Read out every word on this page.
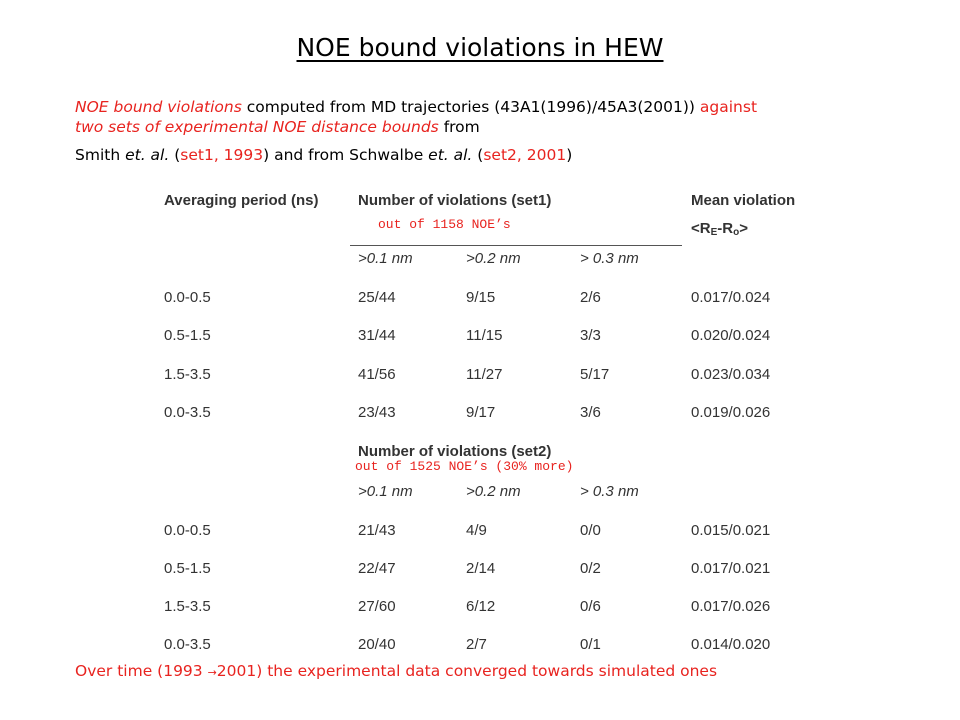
NOE bound violations in HEW
NOE bound violations computed from MD trajectories (43A1(1996)/45A3(2001)) against
two sets of experimental NOE distance bounds from
Smith et. al. (set1, 1993) and from Schwalbe et. al. (set2, 2001)
Averaging period (ns)	Number of violations (set1)	Mean violation
<RE-Ro>
out of 1158 NOE’s
>0.1 nm	>0.2 nm	> 0.3 nm
0.0-0.5	25/44	9/15	2/6	0.017/0.024
0.5-1.5	31/44	11/15	3/3	0.020/0.024
1.5-3.5	41/56	11/27	5/17	0.023/0.034
0.0-3.5	23/43	9/17	3/6	0.019/0.026
Number of violations (set2)
out of 1525 NOE’s (30% more)
>0.1 nm	>0.2 nm	> 0.3 nm
0.0-0.5	21/43	4/9	0/0	0.015/0.021
0.5-1.5	22/47	2/14	0/2	0.017/0.021
1.5-3.5	27/60	6/12	0/6	0.017/0.026
0.0-3.5	20/40	2/7	0/1	0.014/0.020
Over time (1993 →2001) the experimental data converged towards simulated ones
